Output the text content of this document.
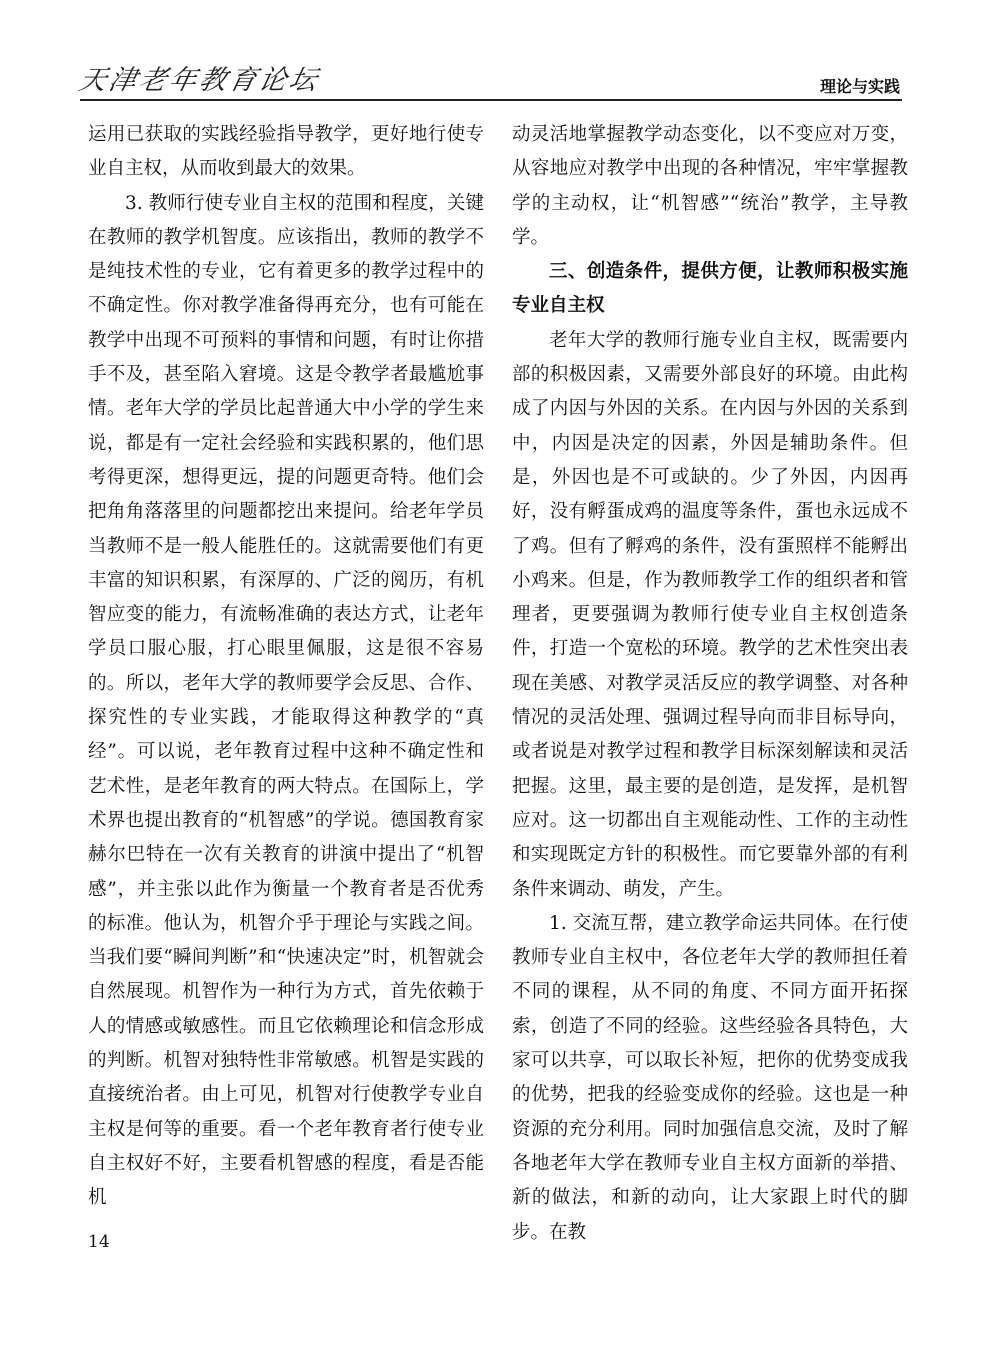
天津老年教育论坛	理论与实践

运用已获取的实践经验指导教学，更好地行使专业自主权，从而收到最大的效果。

3. 教师行使专业自主权的范围和程度，关键在教师的教学机智度。应该指出，教师的教学不是纯技术性的专业，它有着更多的教学过程中的不确定性。你对教学准备得再充分，也有可能在教学中出现不可预料的事情和问题，有时让你措手不及，甚至陷入窘境。这是令教学者最尴尬事情。老年大学的学员比起普通大中小学的学生来说，都是有一定社会经验和实践积累的，他们思考得更深，想得更远，提的问题更奇特。他们会把角角落落里的问题都挖出来提问。给老年学员当教师不是一般人能胜任的。这就需要他们有更丰富的知识积累，有深厚的、广泛的阅历，有机智应变的能力，有流畅准确的表达方式，让老年学员口服心服，打心眼里佩服，这是很不容易的。所以，老年大学的教师要学会反思、合作、探究性的专业实践，才能取得这种教学的“真经”。可以说，老年教育过程中这种不确定性和艺术性，是老年教育的两大特点。在国际上，学术界也提出教育的“机智感”的学说。德国教育家赫尔巴特在一次有关教育的讲演中提出了“机智感”，并主张以此作为衡量一个教育者是否优秀的标准。他认为，机智介乎于理论与实践之间。当我们要“瞬间判断”和“快速决定”时，机智就会自然展现。机智作为一种行为方式，首先依赖于人的情感或敏感性。而且它依赖理论和信念形成的判断。机智对独特性非常敏感。机智是实践的直接统治者。由上可见，机智对行使教学专业自主权是何等的重要。看一个老年教育者行使专业自主权好不好，主要看机智感的程度，看是否能机

动灵活地掌握教学动态变化，以不变应对万变，从容地应对教学中出现的各种情况，牢牢掌握教学的主动权，让“机智感”“统治”教学，主导教学。

三、创造条件，提供方便，让教师积极实施专业自主权

老年大学的教师行施专业自主权，既需要内部的积极因素，又需要外部良好的环境。由此构成了内因与外因的关系。在内因与外因的关系到中，内因是决定的因素，外因是辅助条件。但是，外因也是不可或缺的。少了外因，内因再好，没有孵蛋成鸡的温度等条件，蛋也永远成不了鸡。但有了孵鸡的条件，没有蛋照样不能孵出小鸡来。但是，作为教师教学工作的组织者和管理者，更要强调为教师行使专业自主权创造条件，打造一个宽松的环境。教学的艺术性突出表现在美感、对教学灵活反应的教学调整、对各种情况的灵活处理、强调过程导向而非目标导向，或者说是对教学过程和教学目标深刻解读和灵活把握。这里，最主要的是创造，是发挥，是机智应对。这一切都出自主观能动性、工作的主动性和实现既定方针的积极性。而它要靠外部的有利条件来调动、萌发，产生。

1. 交流互帮，建立教学命运共同体。在行使教师专业自主权中，各位老年大学的教师担任着不同的课程，从不同的角度、不同方面开拓探索，创造了不同的经验。这些经验各具特色，大家可以共享，可以取长补短，把你的优势变成我的优势，把我的经验变成你的经验。这也是一种资源的充分利用。同时加强信息交流，及时了解各地老年大学在教师专业自主权方面新的举措、新的做法，和新的动向，让大家跟上时代的脚步。在教

14
